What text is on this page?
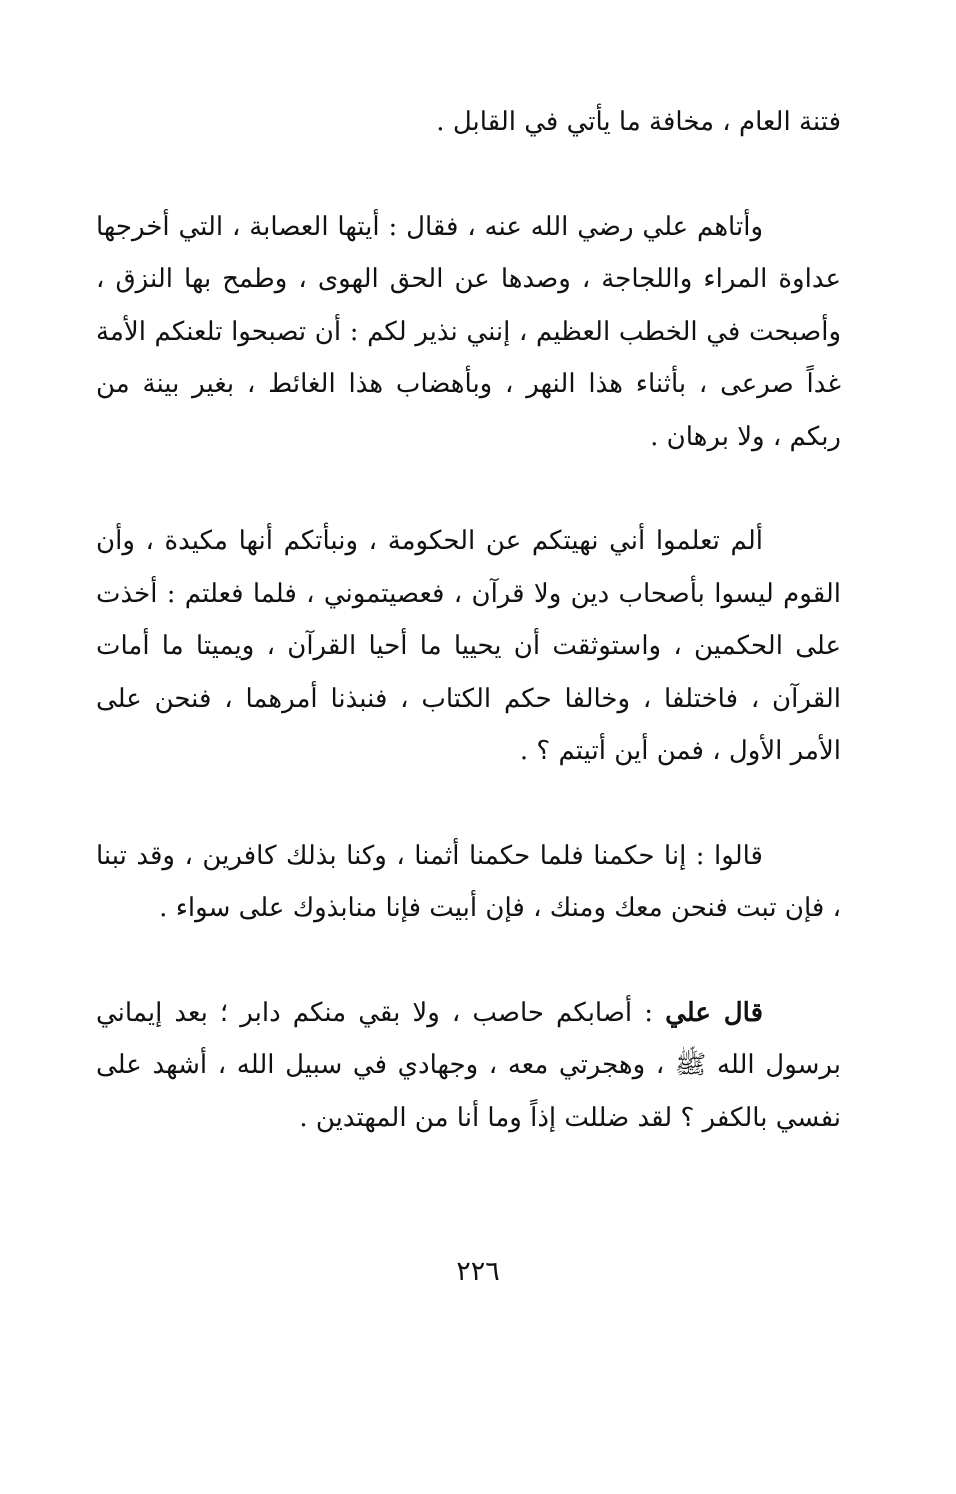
فتنة العام ، مخافة ما يأتي في القابل .

وأتاهم علي رضي الله عنه ، فقال : أيتها العصابة ، التي أخرجها عداوة المراء واللجاجة ، وصدها عن الحق الهوى ، وطمح بها النزق ، وأصبحت في الخطب العظيم ، إنني نذير لكم : أن تصبحوا تلعنكم الأمة غداً صرعى ، بأثناء هذا النهر ، وبأهضاب هذا الغائط ، بغير بينة من ربكم ، ولا برهان .

ألم تعلموا أني نهيتكم عن الحكومة ، ونبأتكم أنها مكيدة ، وأن القوم ليسوا بأصحاب دين ولا قرآن ، فعصيتموني ، فلما فعلتم : أخذت على الحكمين ، واستوثقت أن يحييا ما أحيا القرآن ، ويميتا ما أمات القرآن ، فاختلفا ، وخالفا حكم الكتاب ، فنبذنا أمرهما ، فنحن على الأمر الأول ، فمن أين أتيتم ؟ .

قالوا : إنا حكمنا فلما حكمنا أثمنا ، وكنا بذلك كافرين ، وقد تبنا ، فإن تبت فنحن معك ومنك ، فإن أبيت فإنا منابذوك على سواء .

قال علي : أصابكم حاصب ، ولا بقي منكم دابر ؛ بعد إيماني برسول الله ﷺ ، وهجرتي معه ، وجهادي في سبيل الله ، أشهد على نفسي بالكفر ؟ لقد ضللت إذاً وما أنا من المهتدين .

٢٢٦
